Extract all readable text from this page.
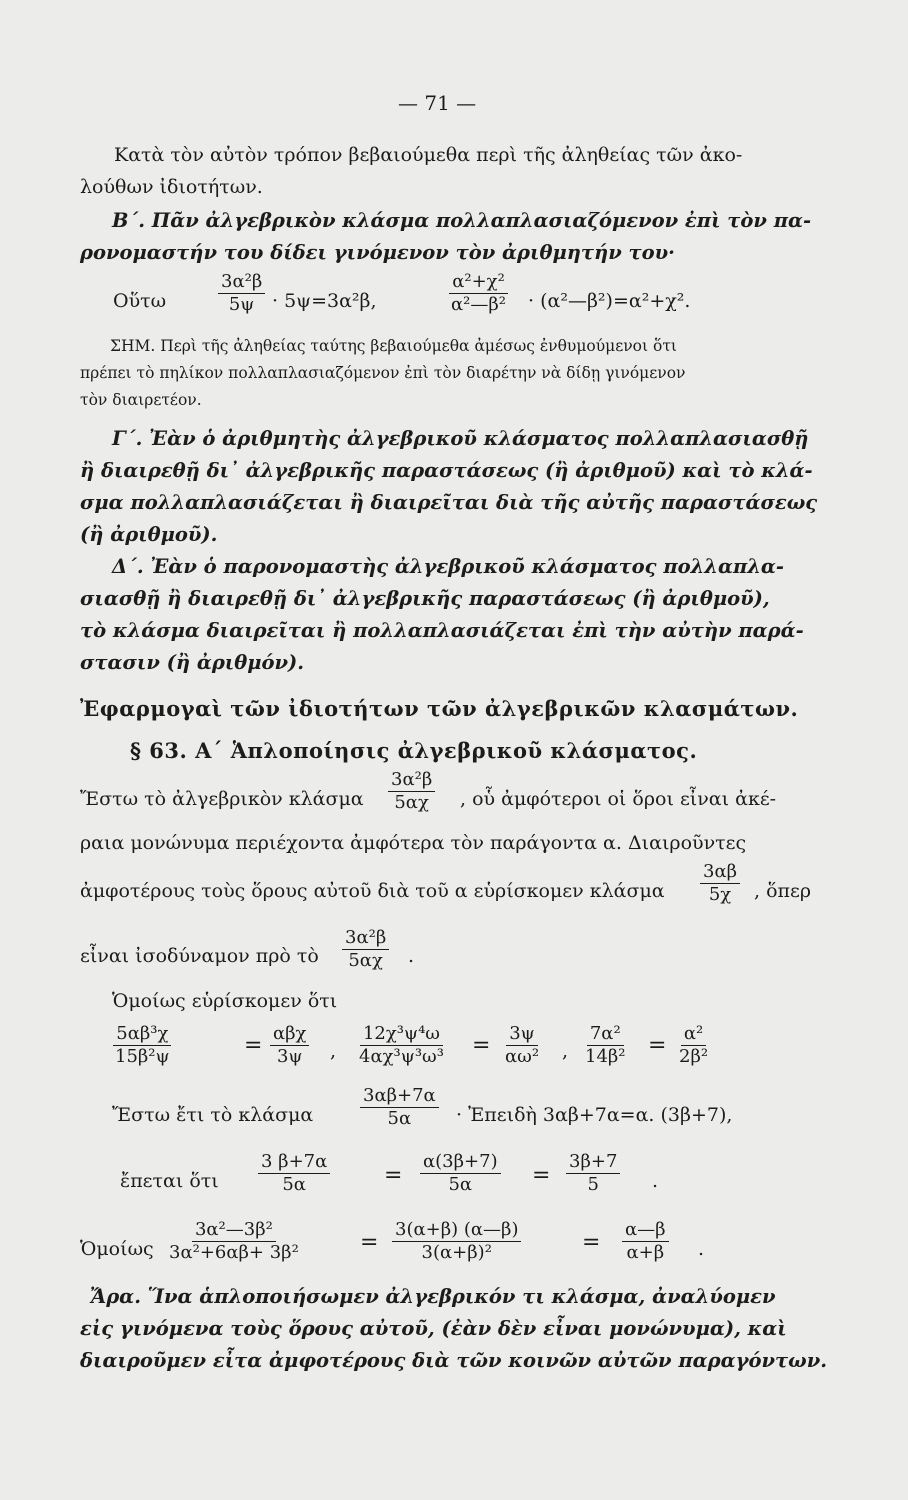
— 71 —
Κατὰ τὸν αὐτὸν τρόπον βεβαιούμεθα περὶ τῆς ἀληθείας τῶν ἀκο-
λούθων ἰδιοτήτων.
Β΄. Πᾶν ἀλγεβρικὸν κλάσμα πολλαπλασιαζόμενον ἐπὶ τὸν πα-
ρονομαστήν του δίδει γινόμενον τὸν ἀριθμητήν του·
Οὕτω	$\frac{\text{3α²β}}{5\psi} \cdot 5\psi=3\alpha^2\beta$,	$\frac{\text{α²+χ²}}{\text{α²—β²}}$ · (α²—β²)=α²+χ².
ΣΗΜ. Περὶ τῆς ἀληθείας ταύτης βεβαιούμεθα ἀμέσως ἐνθυμούμενοι ὅτι
πρέπει τὸ πηλίκον πολλαπλασιαζόμενον ἐπὶ τὸν διαρέτην νὰ δίδῃ γινόμενον
τὸν διαιρετέον.
Γ΄. Ἐὰν ὁ ἀριθμητὴς ἀλγεβρικοῦ κλάσματος πολλαπλασιασθῇ
ἢ διαιρεθῇ δι᾽ ἀλγεβρικῆς παραστάσεως (ἢ ἀριθμοῦ) καὶ τὸ κλά-
σμα πολλαπλασιάζεται ἢ διαιρεῖται διὰ τῆς αὐτῆς παραστάσεως
(ἢ ἀριθμοῦ).
Δ΄. Ἐὰν ὁ παρονομαστὴς ἀλγεβρικοῦ κλάσματος πολλαπλα-
σιασθῇ ἢ διαιρεθῇ δι᾽ ἀλγεβρικῆς παραστάσεως (ἢ ἀριθμοῦ),
τὸ κλάσμα διαιρεῖται ἢ πολλαπλασιάζεται ἐπὶ τὴν αὐτὴν παρά-
στασιν (ἢ ἀριθμόν).
Ἐφαρμογαὶ τῶν ἰδιοτήτων τῶν ἀλγεβρικῶν κλασμάτων.
§ 63. Α΄ Ἁπλοποίησις ἀλγεβρικοῦ κλάσματος.
Ἔστω τὸ ἀλγεβρικὸν κλάσμα $\frac{\text{3α²β}}{5\alpha\chi}$ , οὗ ἀμφότεροι οἱ ὅροι εἶναι ἀκέ-
ραια μονώνυμα περιέχοντα ἀμφότερα τὸν παράγοντα α. Διαιροῦντες
ἀμφοτέρους τοὺς ὅρους αὐτοῦ διὰ τοῦ α εὑρίσκομεν κλάσμα $\frac{3\alpha\beta}{5\chi}$ , ὅπερ
εἶναι ἰσοδύναμον πρὸ τὸ $\frac{\text{3α²β}}{5\alpha\chi}$ .
Ὁμοίως εὑρίσκομεν ὅτι
$\frac{\text{5αβ³χ}}{\text{15β²ψ}}$	= αβχ
3ψ , $\frac{\text{12χ³ψ⁴ω}}{\text{4αχ³ψ³ω³}} = \frac{3\psi}{\text{αω²}}$ , $\frac{\text{7α²}}{\text{14β²}} = \frac{\text{α²}}{\text{2β²}}$
Ἔστω ἔτι τὸ κλάσμα	$\frac{3\alpha\beta+7\alpha}{5\alpha}$ · Ἐπειδὴ 3αβ+7α=α. (3β+7),
ἔπεται ὅτι $\frac{3 \beta+7\alpha}{5\alpha} = \frac{\alpha(3\beta+7)}{5\alpha} = \frac{3\beta+7}{5}$ .
Ὁμοίως $\frac{\text{3α²—3β²}}{\text{3α²+6αβ+ 3β²}}$	= $\frac{3(\alpha+\beta) (\alpha—\beta)}{\text{3(α+β)²}}$	= $\frac{\alpha—\beta}{\alpha+\beta}$ .
Ἄρα. Ἵνα ἁπλοποιήσωμεν ἀλγεβρικόν τι κλάσμα, ἀναλύομεν
εἰς γινόμενα τοὺς ὅρους αὐτοῦ, (ἐὰν δὲν εἶναι μονώνυμα), καὶ
διαιροῦμεν εἶτα ἀμφοτέρους διὰ τῶν κοινῶν αὐτῶν παραγόντων.
